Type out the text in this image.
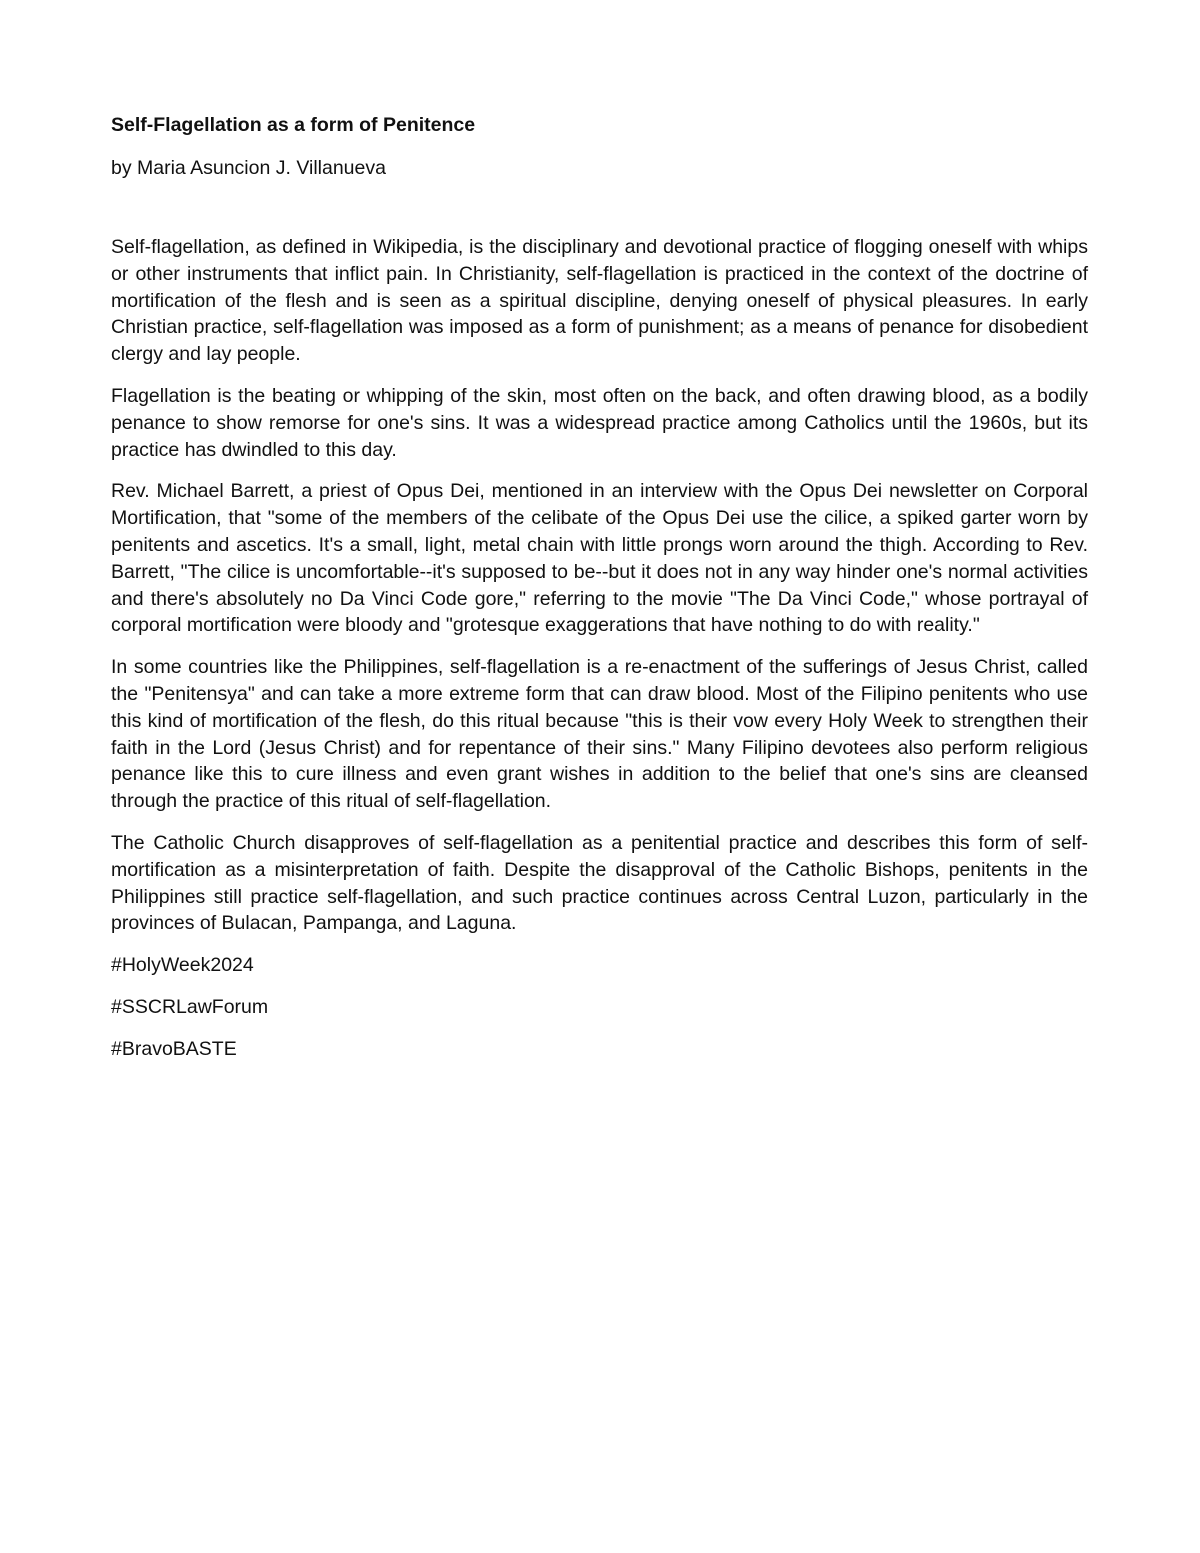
Self-Flagellation as a form of Penitence

by Maria Asuncion J. Villanueva

Self-flagellation, as defined in Wikipedia, is the disciplinary and devotional practice of flogging oneself with whips or other instruments that inflict pain. In Christianity, self-flagellation is practiced in the context of the doctrine of mortification of the flesh and is seen as a spiritual discipline, denying oneself of physical pleasures. In early Christian practice, self-flagellation was imposed as a form of punishment; as a means of penance for disobedient clergy and lay people.

Flagellation is the beating or whipping of the skin, most often on the back, and often drawing blood, as a bodily penance to show remorse for one's sins. It was a widespread practice among Catholics until the 1960s, but its practice has dwindled to this day.

Rev. Michael Barrett, a priest of Opus Dei, mentioned in an interview with the Opus Dei newsletter on Corporal Mortification, that "some of the members of the celibate of the Opus Dei use the cilice, a spiked garter worn by penitents and ascetics. It's a small, light, metal chain with little prongs worn around the thigh. According to Rev. Barrett, "The cilice is uncomfortable--it's supposed to be--but it does not in any way hinder one's normal activities and there's absolutely no Da Vinci Code gore," referring to the movie "The Da Vinci Code," whose portrayal of corporal mortification were bloody and "grotesque exaggerations that have nothing to do with reality."

In some countries like the Philippines, self-flagellation is a re-enactment of the sufferings of Jesus Christ, called the "Penitensya" and can take a more extreme form that can draw blood. Most of the Filipino penitents who use this kind of mortification of the flesh, do this ritual because "this is their vow every Holy Week to strengthen their faith in the Lord (Jesus Christ) and for repentance of their sins." Many Filipino devotees also perform religious penance like this to cure illness and even grant wishes in addition to the belief that one's sins are cleansed through the practice of this ritual of self-flagellation.

The Catholic Church disapproves of self-flagellation as a penitential practice and describes this form of self-mortification as a misinterpretation of faith. Despite the disapproval of the Catholic Bishops, penitents in the Philippines still practice self-flagellation, and such practice continues across Central Luzon, particularly in the provinces of Bulacan, Pampanga, and Laguna.

#HolyWeek2024

#SSCRLawForum

#BravoBASTE
